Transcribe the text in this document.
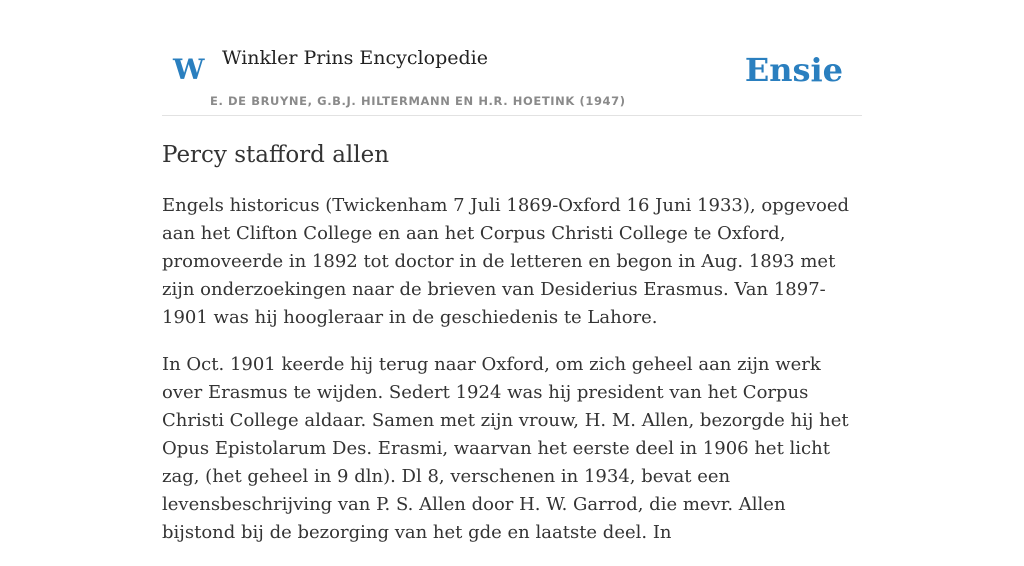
W Winkler Prins Encyclopedie	Ensie
E. DE BRUYNE, G.B.J. HILTERMANN EN H.R. HOETINK (1947)
Percy stafford allen

Engels historicus (Twickenham 7 Juli 1869-Oxford 16 Juni 1933), opgevoed aan het Clifton College en aan het Corpus Christi College te Oxford, promoveerde in 1892 tot doctor in de letteren en begon in Aug. 1893 met zijn onderzoekingen naar de brieven van Desiderius Erasmus. Van 1897-1901 was hij hoogleraar in de geschiedenis te Lahore.

In Oct. 1901 keerde hij terug naar Oxford, om zich geheel aan zijn werk over Erasmus te wijden. Sedert 1924 was hij president van het Corpus Christi College aldaar. Samen met zijn vrouw, H. M. Allen, bezorgde hij het Opus Epistolarum Des. Erasmi, waarvan het eerste deel in 1906 het licht zag, (het geheel in 9 dln). Dl 8, verschenen in 1934, bevat een levensbeschrijving van P. S. Allen door H. W. Garrod, die mevr. Allen bijstond bij de bezorging van het gde en laatste deel. In
